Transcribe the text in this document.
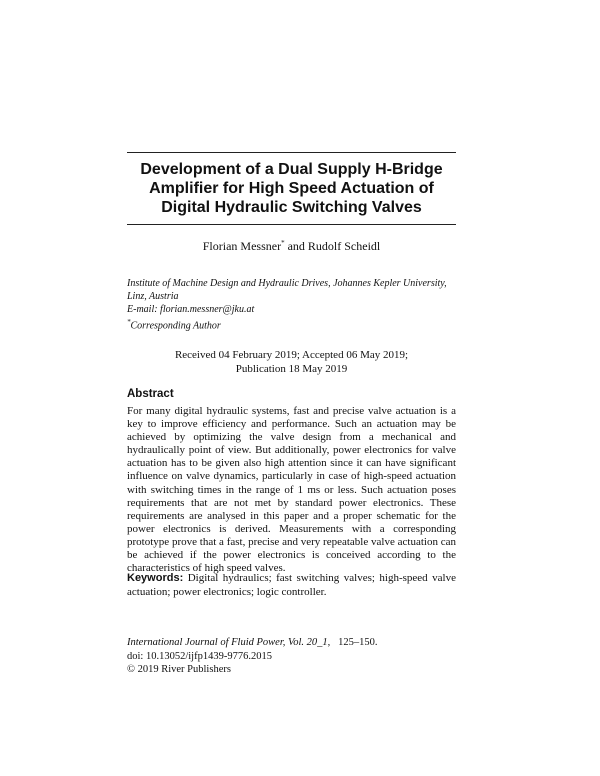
Development of a Dual Supply H-Bridge
Amplifier for High Speed Actuation of
Digital Hydraulic Switching Valves
Florian Messner* and Rudolf Scheidl
Institute of Machine Design and Hydraulic Drives, Johannes Kepler University,
Linz, Austria
E-mail: florian.messner@jku.at
*Corresponding Author
Received 04 February 2019; Accepted 06 May 2019;
Publication 18 May 2019
Abstract

For many digital hydraulic systems, fast and precise valve actuation is a key to improve efficiency and performance. Such an actuation may be achieved by optimizing the valve design from a mechanical and hydraulically point of view. But additionally, power electronics for valve actuation has to be given also high attention since it can have significant influence on valve dynamics, particularly in case of high-speed actuation with switching times in the range of 1 ms or less. Such actuation poses requirements that are not met by standard power electronics. These requirements are analysed in this paper and a proper schematic for the power electronics is derived. Measurements with a corresponding prototype prove that a fast, precise and very repeatable valve actuation can be achieved if the power electronics is conceived according to the characteristics of high speed valves.

Keywords: Digital hydraulics; fast switching valves; high-speed valve actuation; power electronics; logic controller.

International Journal of Fluid Power, Vol. 20_1,   125–150.
doi: 10.13052/ijfp1439-9776.2015
© 2019 River Publishers
